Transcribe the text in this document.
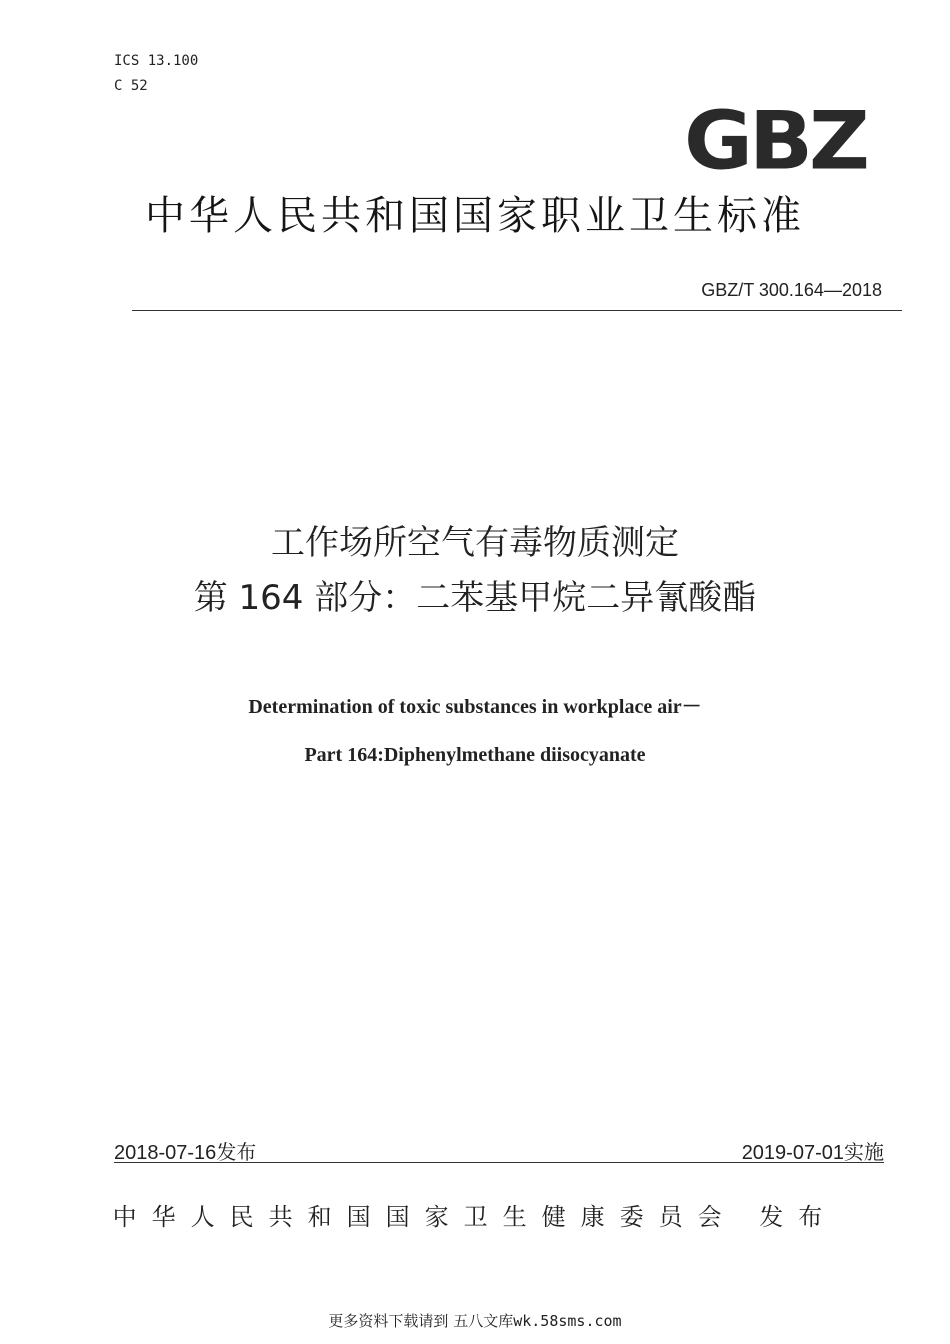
ICS 13.100
C 52
GBZ
中华人民共和国国家职业卫生标准
GBZ/T 300.164—2018
工作场所空气有毒物质测定
第 164 部分：二苯基甲烷二异氰酸酯
Determination of toxic substances in workplace air－
Part 164:Diphenylmethane diisocyanate
2018-07-16发布	2019-07-01实施
中华人民共和国国家卫生健康委员会 发布
更多资料下载请到 五八文库wk.58sms.com
